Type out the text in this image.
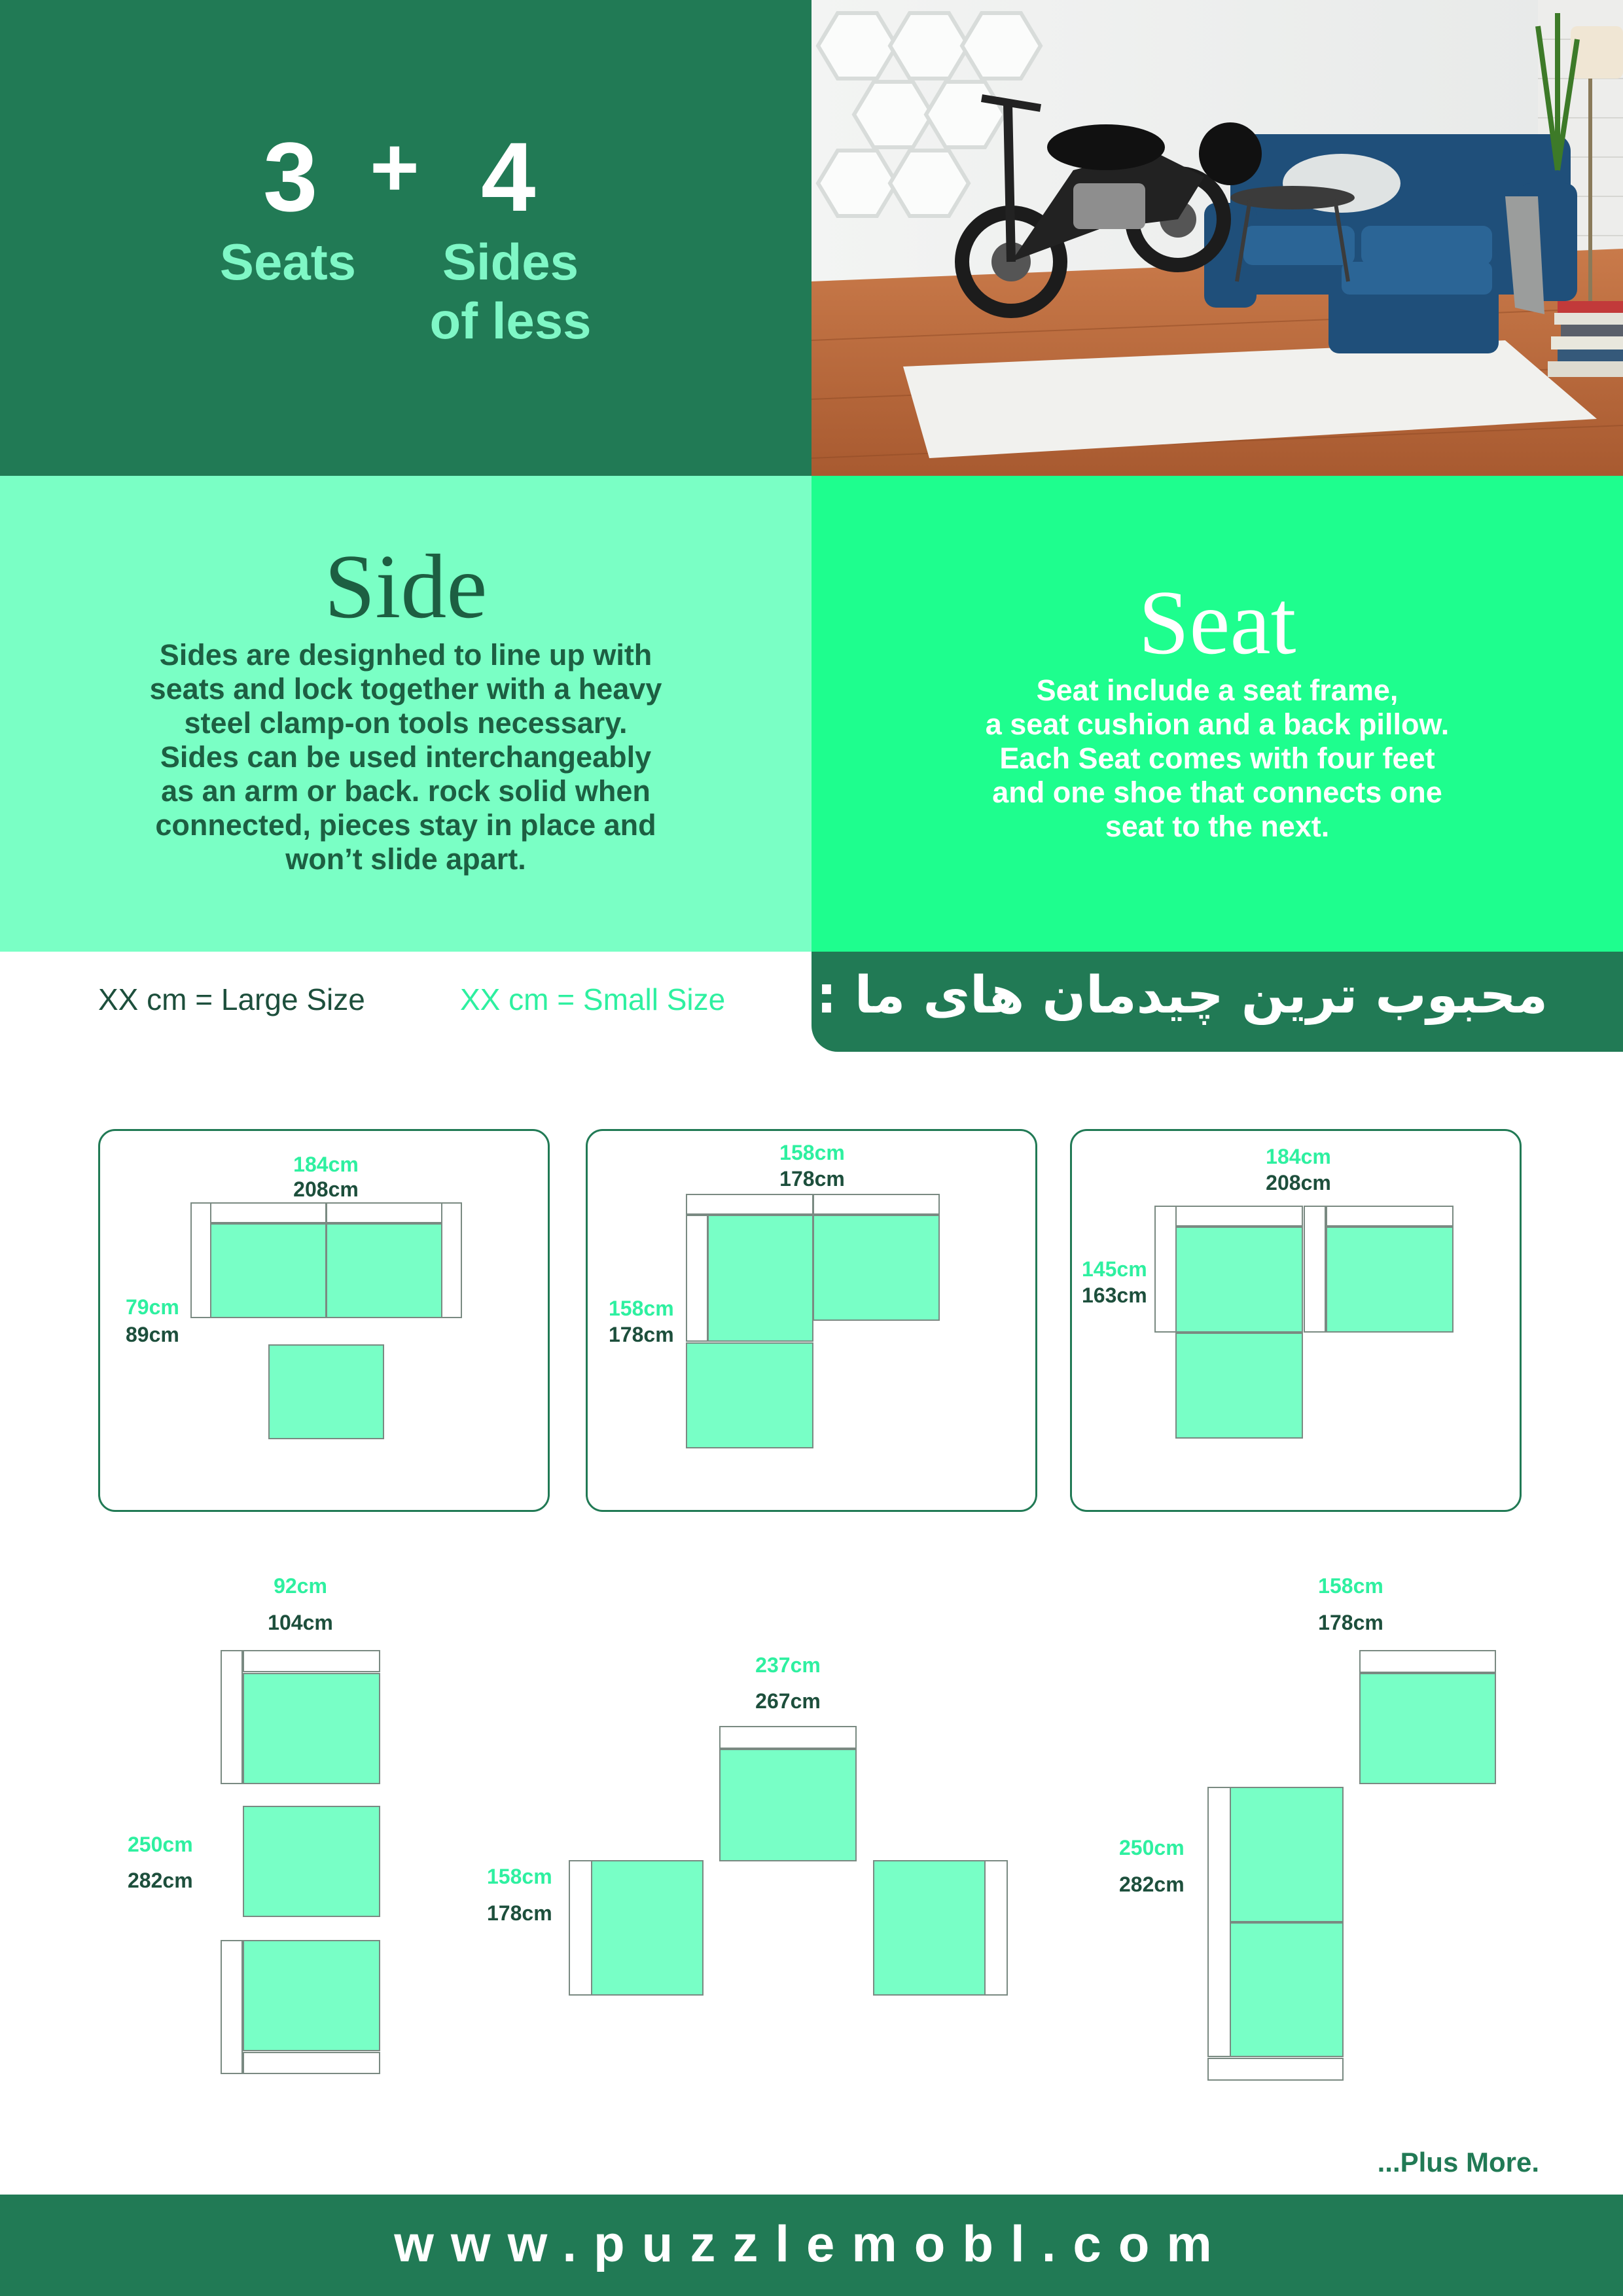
3 + 4
Seats	Sides
of less
Side
Sides are designhed to line up with
seats and lock together with a heavy
steel clamp-on tools necessary.
Sides can be used interchangeably
as an arm or back. rock solid when
connected, pieces stay in place and
won’t slide apart.
Seat
Seat include a seat frame,
a seat cushion and a back pillow.
Each Seat comes with four feet
and one shoe that connects one
seat to the next.
XX cm = Large Size	XX cm = Small Size محبوب ترین چیدمان های ما :
184cm
208cm
79cm
89cm
158cm
178cm
158cm
178cm
184cm
208cm
145cm
163cm
92cm
104cm
250cm
282cm
237cm
267cm
158cm
178cm
158cm
178cm
250cm
282cm
...Plus More.
www.puzzlemobl.com
